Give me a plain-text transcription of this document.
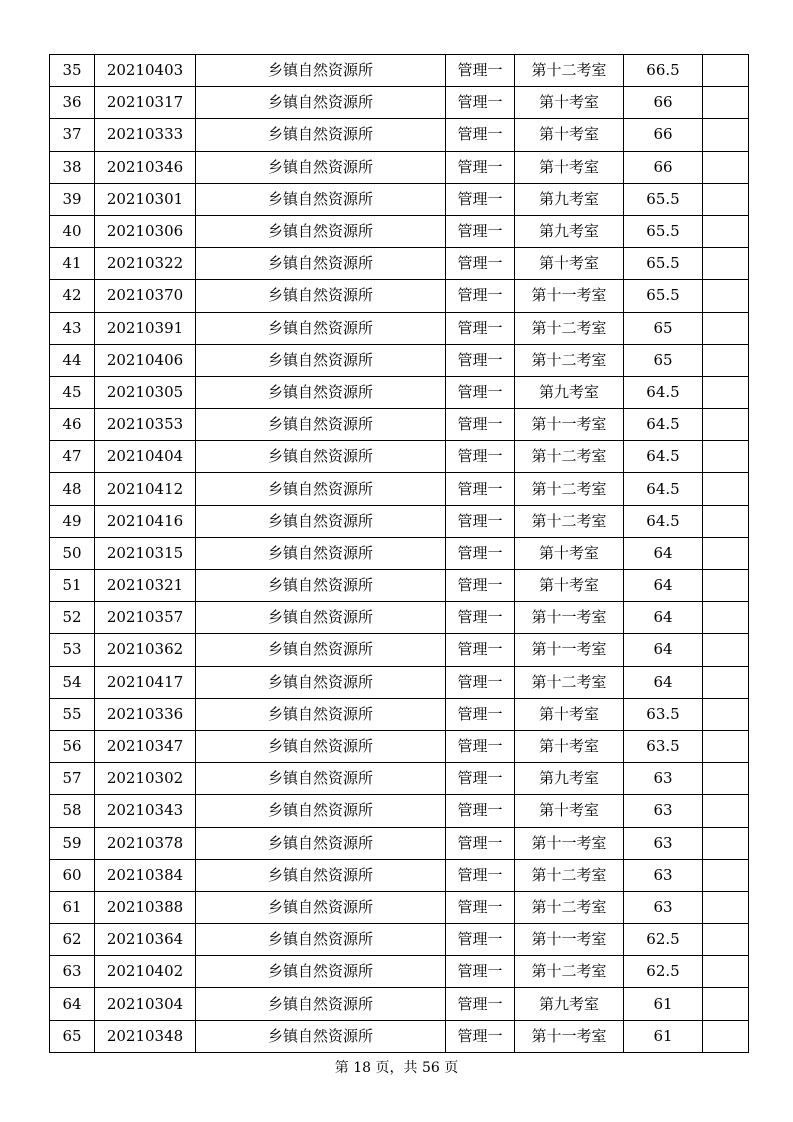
35	20210403	乡镇自然资源所	管理一	第十二考室	66.5	
36	20210317	乡镇自然资源所	管理一	第十考室	66	
37	20210333	乡镇自然资源所	管理一	第十考室	66	
38	20210346	乡镇自然资源所	管理一	第十考室	66	
39	20210301	乡镇自然资源所	管理一	第九考室	65.5	
40	20210306	乡镇自然资源所	管理一	第九考室	65.5	
41	20210322	乡镇自然资源所	管理一	第十考室	65.5	
42	20210370	乡镇自然资源所	管理一	第十一考室	65.5	
43	20210391	乡镇自然资源所	管理一	第十二考室	65	
44	20210406	乡镇自然资源所	管理一	第十二考室	65	
45	20210305	乡镇自然资源所	管理一	第九考室	64.5	
46	20210353	乡镇自然资源所	管理一	第十一考室	64.5	
47	20210404	乡镇自然资源所	管理一	第十二考室	64.5	
48	20210412	乡镇自然资源所	管理一	第十二考室	64.5	
49	20210416	乡镇自然资源所	管理一	第十二考室	64.5	
50	20210315	乡镇自然资源所	管理一	第十考室	64	
51	20210321	乡镇自然资源所	管理一	第十考室	64	
52	20210357	乡镇自然资源所	管理一	第十一考室	64	
53	20210362	乡镇自然资源所	管理一	第十一考室	64	
54	20210417	乡镇自然资源所	管理一	第十二考室	64	
55	20210336	乡镇自然资源所	管理一	第十考室	63.5	
56	20210347	乡镇自然资源所	管理一	第十考室	63.5	
57	20210302	乡镇自然资源所	管理一	第九考室	63	
58	20210343	乡镇自然资源所	管理一	第十考室	63	
59	20210378	乡镇自然资源所	管理一	第十一考室	63	
60	20210384	乡镇自然资源所	管理一	第十二考室	63	
61	20210388	乡镇自然资源所	管理一	第十二考室	63	
62	20210364	乡镇自然资源所	管理一	第十一考室	62.5	
63	20210402	乡镇自然资源所	管理一	第十二考室	62.5	
64	20210304	乡镇自然资源所	管理一	第九考室	61	
65	20210348	乡镇自然资源所	管理一	第十一考室	61	
第 18 页，共 56 页
